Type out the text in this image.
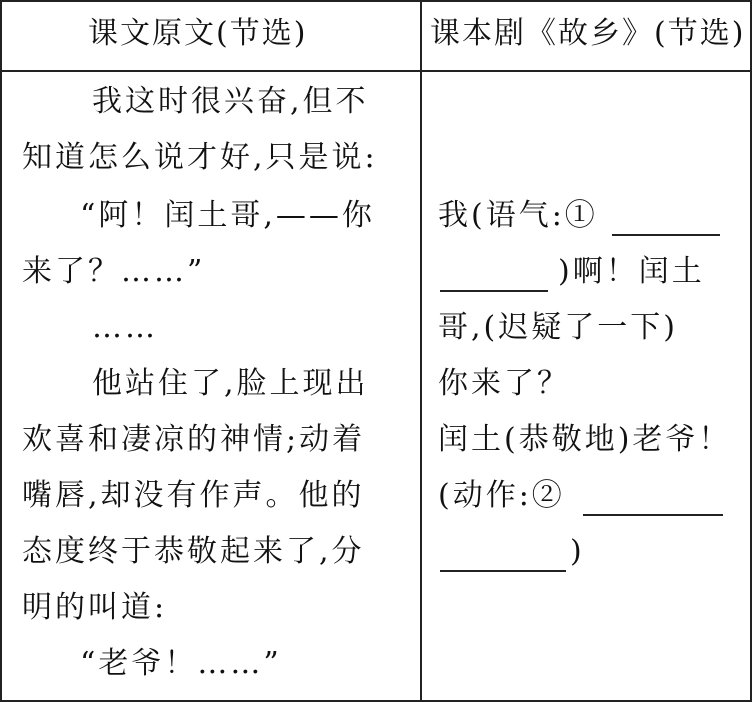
课文原文(节选)	课本剧《故乡》(节选)
我这时很兴奋,但不
知道怎么说才好,只是说:
“阿！闰土哥,——你
来了？……”
……
他站住了,脸上现出
欢喜和凄凉的神情;动着
嘴唇,却没有作声。他的
态度终于恭敬起来了,分
明的叫道:
“老爷！……”
我(语气:①
)啊！闰土
哥,(迟疑了一下)
你来了？
闰土(恭敬地)老爷！
(动作:②
)
